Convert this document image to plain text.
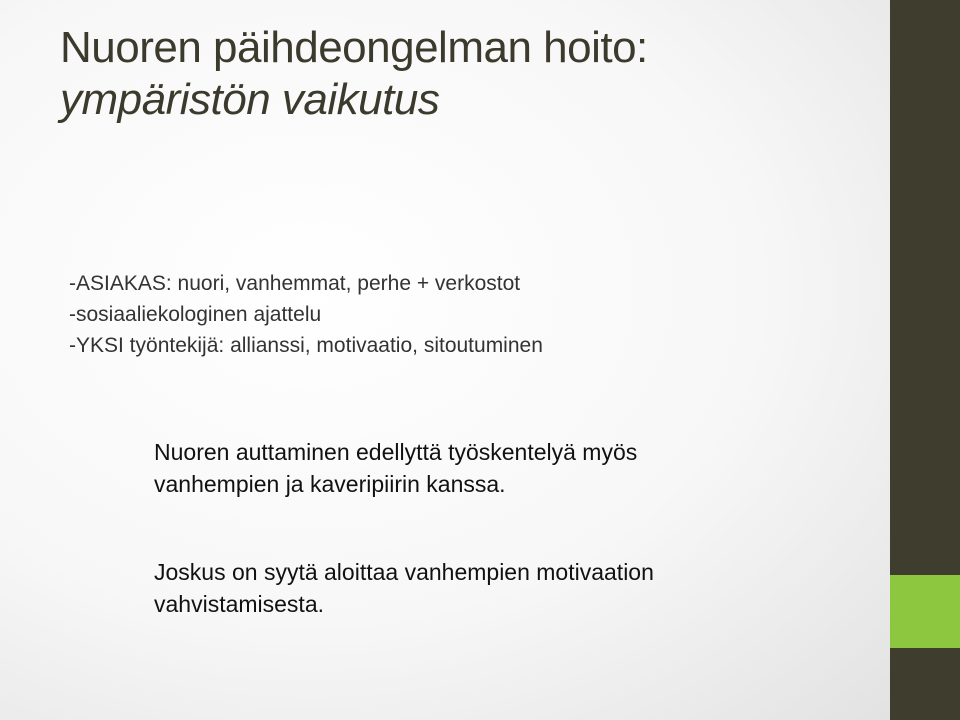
Nuoren päihdeongelman hoito:
ympäristön vaikutus
-ASIAKAS: nuori, vanhemmat, perhe + verkostot
-sosiaaliekologinen ajattelu
-YKSI työntekijä: allianssi, motivaatio, sitoutuminen
Nuoren auttaminen edellyttä työskentelyä myös
vanhempien ja kaveripiirin kanssa.
Joskus on syytä aloittaa vanhempien motivaation
vahvistamisesta.
